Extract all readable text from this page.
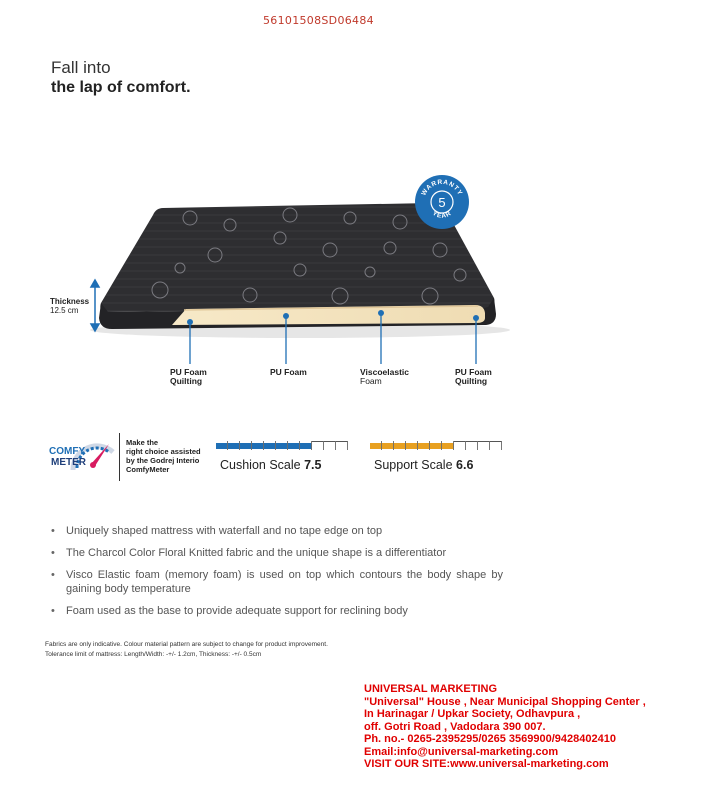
56101508SD06484
Fall into
the lap of comfort.
WARRANTY
5
YEAR
Thickness
12.5 cm
PU Foam
Quilting
PU Foam	Viscoelastic
Foam
PU Foam
Quilting
COMFY
METER
Make the
right choice assisted
by the Godrej Interio
ComfyMeter	Cushion Scale 7.5	Support Scale 6.6
• Uniquely shaped mattress with waterfall and no tape edge on top
• The Charcol Color Floral Knitted fabric and the unique shape is a differentiator
• Visco Elastic foam (memory foam) is used on top which contours the body shape by gaining body temperature
• Foam used as the base to provide adequate support for reclining body
Fabrics are only indicative. Colour material pattern are subject to change for product improvement.
Tolerance limit of mattress: Length/Width: -+/- 1.2cm, Thickness: -+/- 0.5cm
UNIVERSAL MARKETING
"Universal" House , Near Municipal Shopping Center ,
In Harinagar / Upkar Society, Odhavpura ,
off. Gotri Road , Vadodara 390 007.
Ph. no.- 0265-2395295/0265 3569900/9428402410
Email:info@universal-marketing.com
VISIT OUR SITE:www.universal-marketing.com
